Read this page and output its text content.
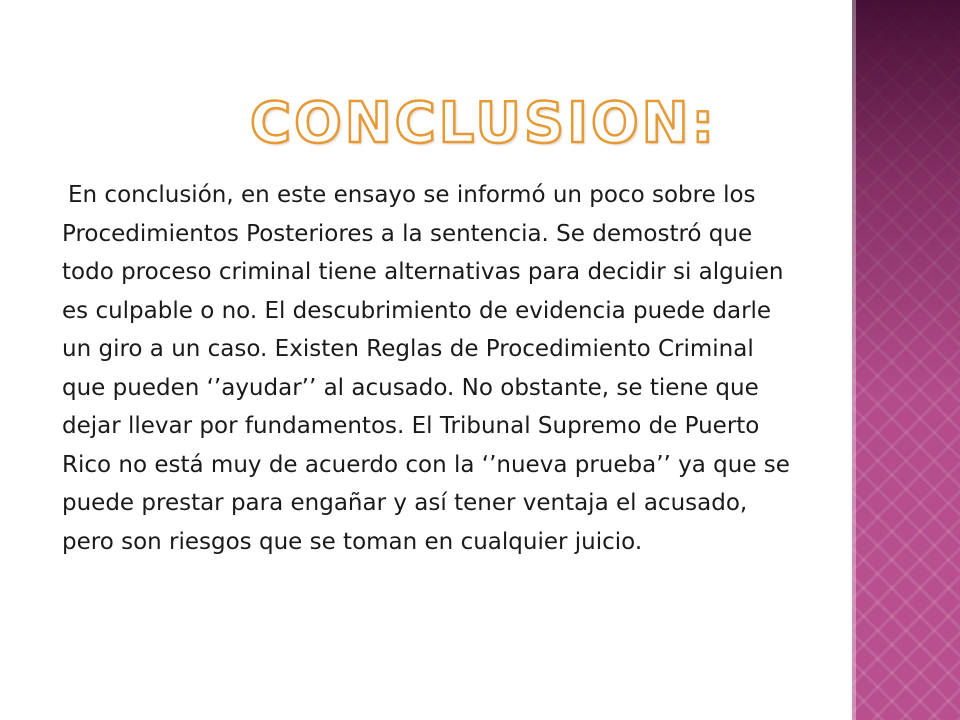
CONCLUSION:

En conclusión, en este ensayo se informó un poco sobre los Procedimientos Posteriores a la sentencia. Se demostró que todo proceso criminal tiene alternativas para decidir si alguien es culpable o no. El descubrimiento de evidencia puede darle un giro a un caso. Existen Reglas de Procedimiento Criminal que pueden ‘’ayudar’’ al acusado. No obstante, se tiene que dejar llevar por fundamentos. El Tribunal Supremo de Puerto Rico no está muy de acuerdo con la ‘’nueva prueba’’ ya que se puede prestar para engañar y así tener ventaja el acusado, pero son riesgos que se toman en cualquier juicio.
